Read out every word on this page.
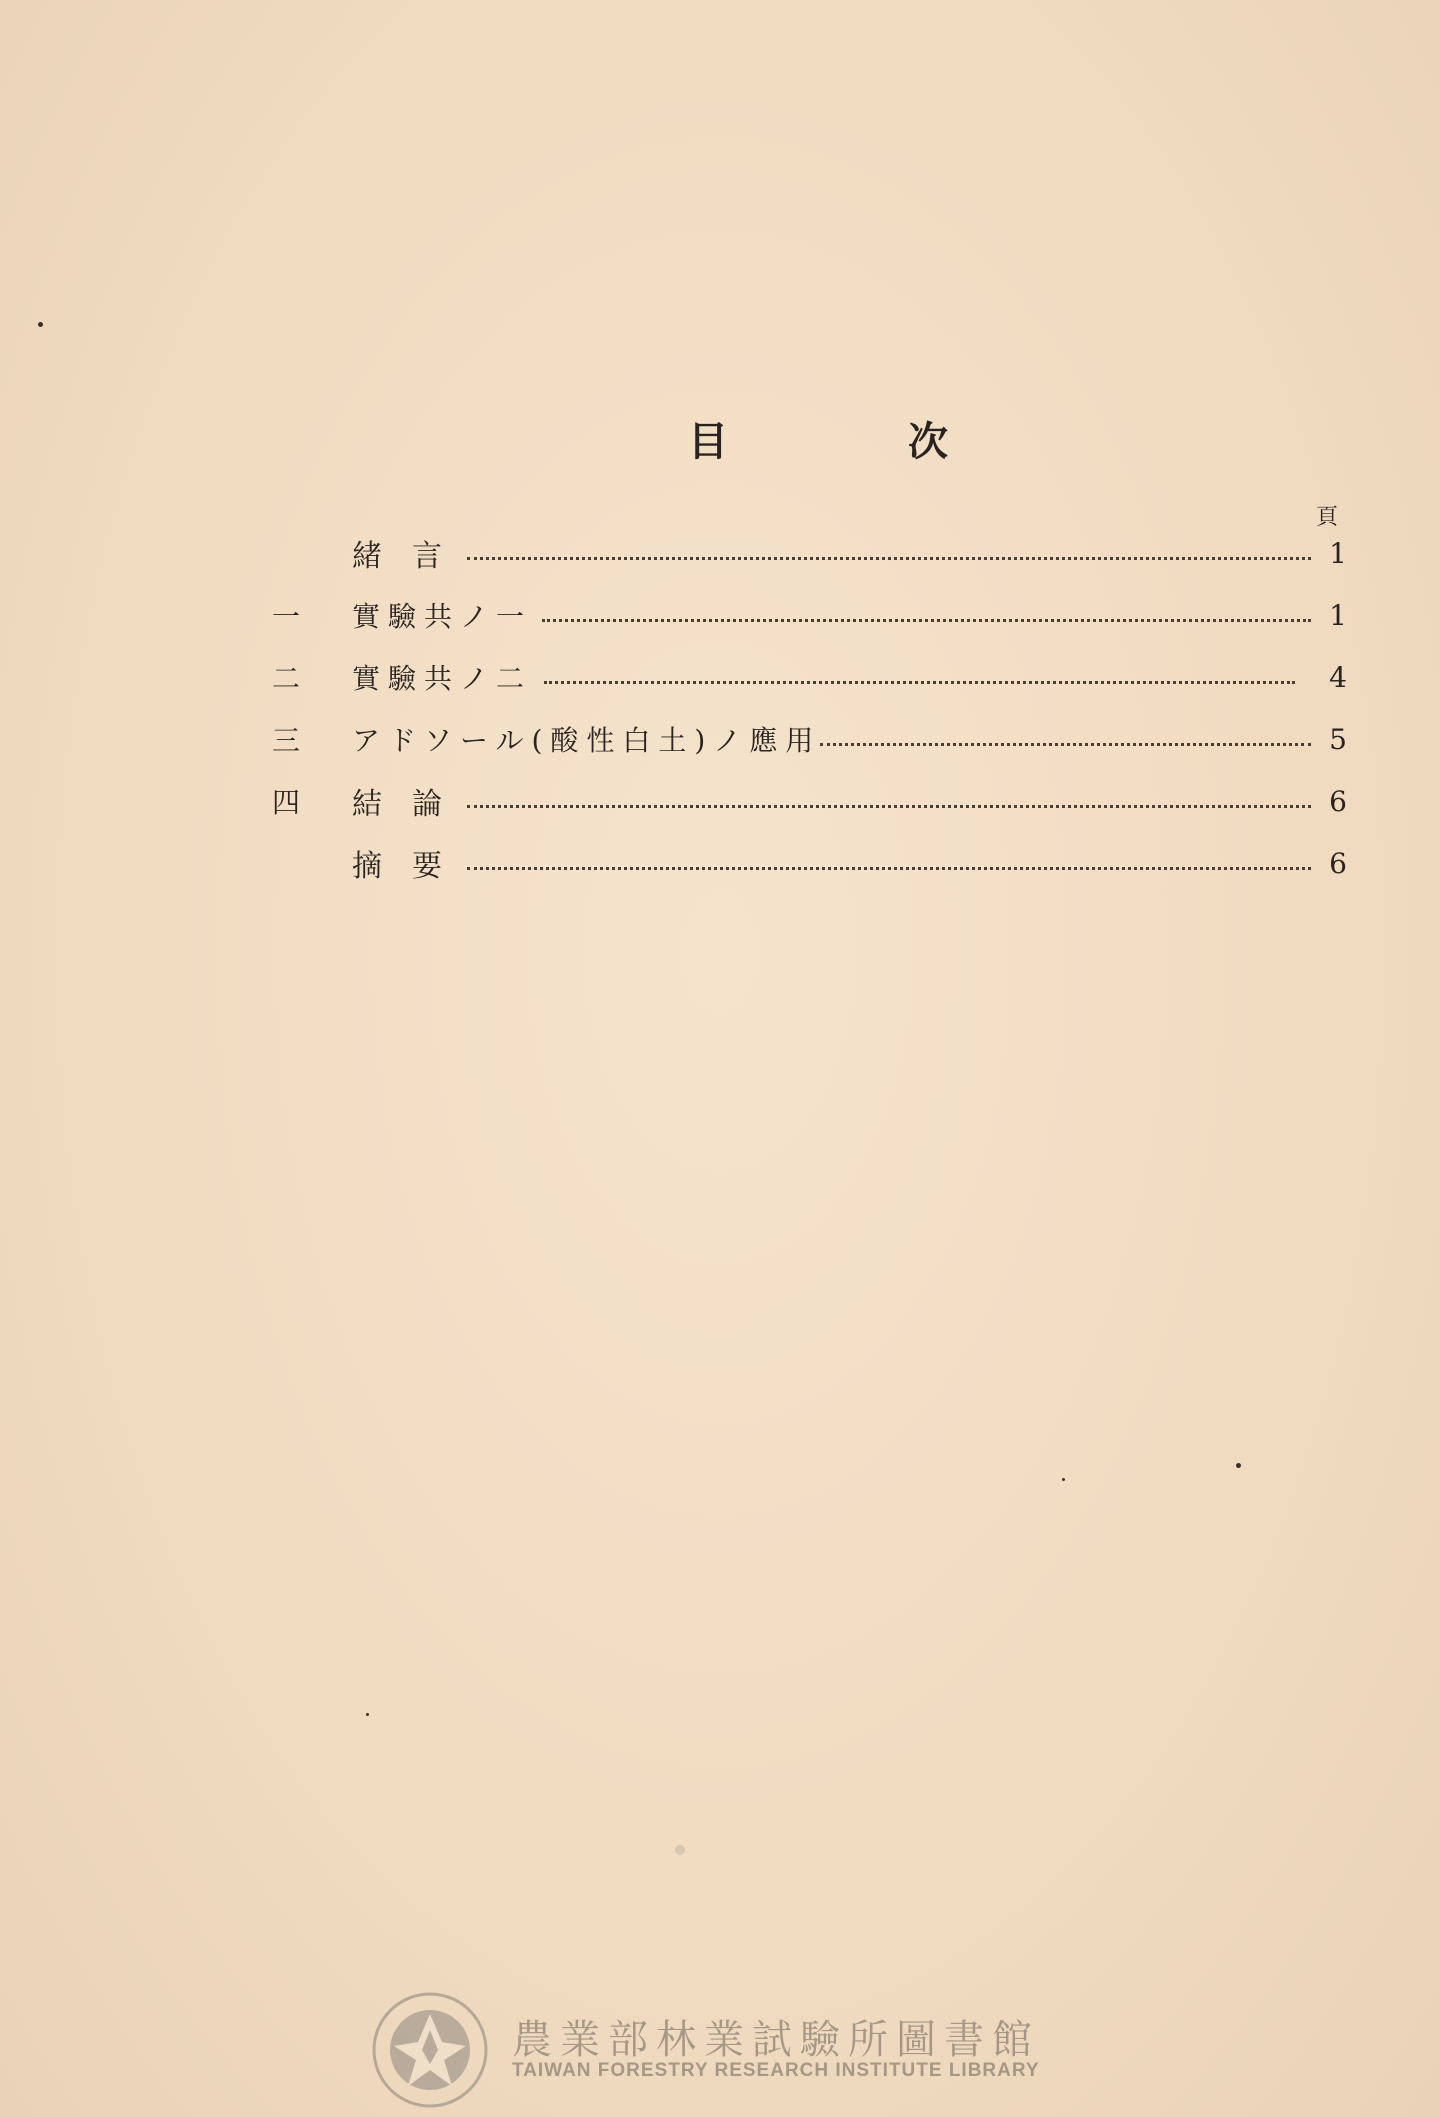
目	次
頁
緒言	1
一	實驗共ノ一	1
二	實驗共ノ二	4
三	アドソール(酸性白土)ノ應用	5
四	結論	6
摘要	6
農業部林業試驗所圖書館
TAIWAN FORESTRY RESEARCH INSTITUTE LIBRARY
